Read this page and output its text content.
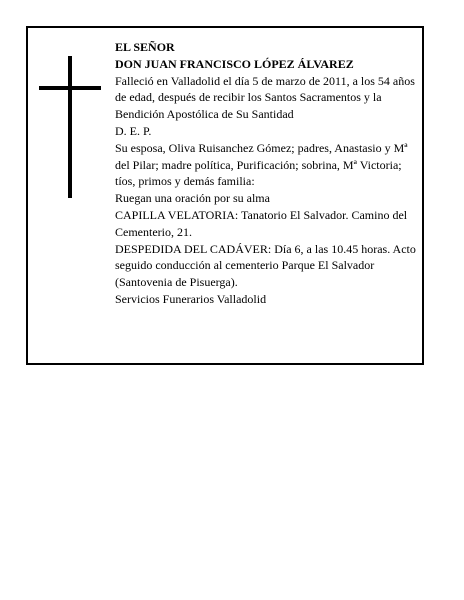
EL SEÑOR

DON JUAN FRANCISCO LÓPEZ ÁLVAREZ

Falleció en Valladolid el día 5 de marzo de 2011, a los 54 años de edad, después de recibir los Santos Sacramentos y la Bendición Apostólica de Su Santidad

D. E. P.

Su esposa, Oliva Ruisanchez Gómez; padres, Anastasio y Mª del Pilar; madre política, Purificación; sobrina, Mª Victoria; tíos, primos y demás familia:

Ruegan una oración por su alma

CAPILLA VELATORIA: Tanatorio El Salvador. Camino del Cementerio, 21.

DESPEDIDA DEL CADÁVER: Día 6, a las 10.45 horas. Acto seguido conducción al cementerio Parque El Salvador (Santovenia de Pisuerga).

Servicios Funerarios Valladolid
